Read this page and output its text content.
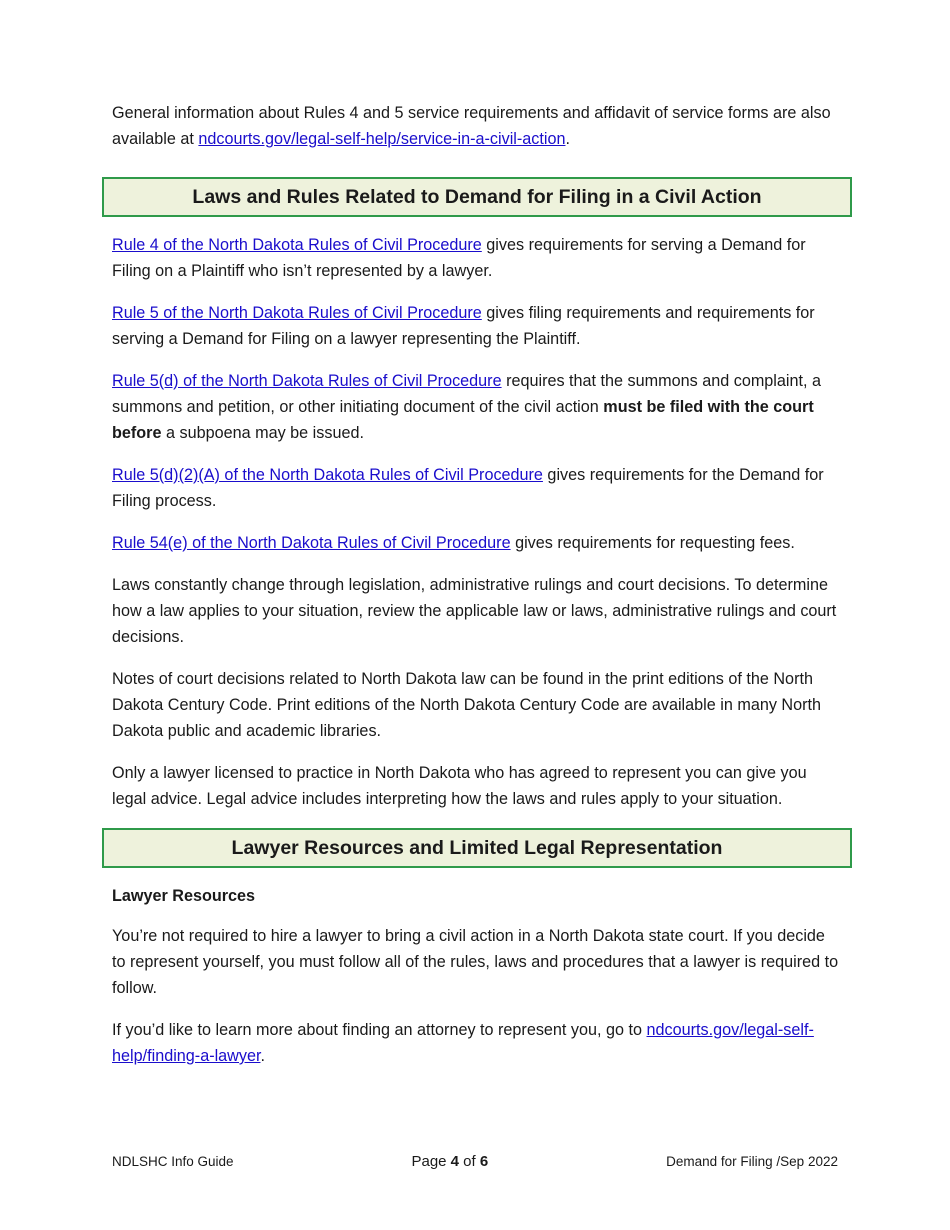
General information about Rules 4 and 5 service requirements and affidavit of service forms are also available at ndcourts.gov/legal-self-help/service-in-a-civil-action.

Laws and Rules Related to Demand for Filing in a Civil Action

Rule 4 of the North Dakota Rules of Civil Procedure gives requirements for serving a Demand for Filing on a Plaintiff who isn’t represented by a lawyer.

Rule 5 of the North Dakota Rules of Civil Procedure gives filing requirements and requirements for serving a Demand for Filing on a lawyer representing the Plaintiff.

Rule 5(d) of the North Dakota Rules of Civil Procedure requires that the summons and complaint, a summons and petition, or other initiating document of the civil action must be filed with the court before a subpoena may be issued.

Rule 5(d)(2)(A) of the North Dakota Rules of Civil Procedure gives requirements for the Demand for Filing process.

Rule 54(e) of the North Dakota Rules of Civil Procedure gives requirements for requesting fees.

Laws constantly change through legislation, administrative rulings and court decisions. To determine how a law applies to your situation, review the applicable law or laws, administrative rulings and court decisions.

Notes of court decisions related to North Dakota law can be found in the print editions of the North Dakota Century Code. Print editions of the North Dakota Century Code are available in many North Dakota public and academic libraries.

Only a lawyer licensed to practice in North Dakota who has agreed to represent you can give you legal advice. Legal advice includes interpreting how the laws and rules apply to your situation.

Lawyer Resources and Limited Legal Representation

Lawyer Resources

You’re not required to hire a lawyer to bring a civil action in a North Dakota state court. If you decide to represent yourself, you must follow all of the rules, laws and procedures that a lawyer is required to follow.

If you’d like to learn more about finding an attorney to represent you, go to ndcourts.gov/legal-self-help/finding-a-lawyer.

NDLSHC Info Guide	Page 4 of 6	Demand for Filing /Sep 2022
